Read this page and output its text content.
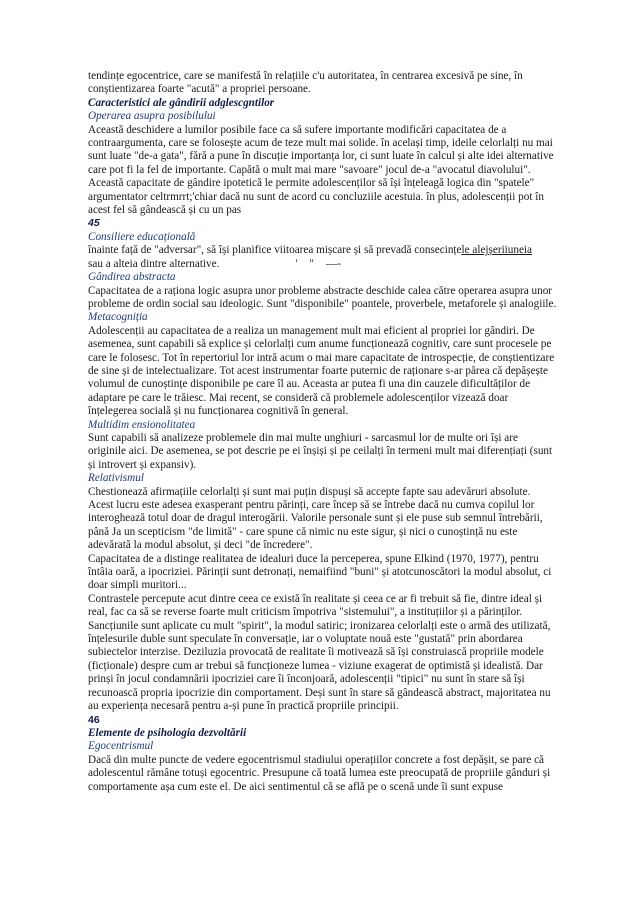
tendințe egocentrice, care se manifestă în relațiile c'u autoritatea, în centrarea excesivă pe sine, în conștientizarea foarte "acută" a propriei persoane.

Caracteristici ale gândirii adglescgntilor

Operarea asupra posibilului

Această deschidere a lumilor posibile face ca să sufere importante modificări capacitatea de a contraargumenta, care se folosește acum de teze mult mai solide. în același timp, ideile celorlalți nu mai sunt luate "de-a gata", fără a pune în discuție importanța lor, ci sunt luate în calcul și alte idei alternative care pot fi la fel de importante. Capătă o mult mai mare "savoare" jocul de-a "avocatul diavolului". Această capacitate de gândire ipotetică le permite adolescenților să își înțeleagă logica din "spatele" argumentator celtrmrrt;'chiar dacă nu sunt de acord cu concluziile acestuia. în plus, adolescenții pot în acest fel să gândească și cu un pas

45

Consiliere educațională

înainte față de "adversar", să își planifice viitoarea mișcare și să prevadă consecințele alejșeriiuneia
sau a alteia dintre alternative.	' " —-

Gândirea abstracta

Capacitatea de a raționa logic asupra unor probleme abstracte deschide calea către operarea asupra unor probleme de ordin social sau ideologic. Sunt "disponibile" poantele, proverbele, metaforele și analogiile.

Metacogniția

Adolescenții au capacitatea de a realiza un management mult mai eficient al propriei lor gândiri. De asemenea, sunt capabili să explice și celorlalți cum anume funcționează cognitiv, care sunt procesele pe care le folosesc. Tot în repertoriul lor intră acum o mai mare capacitate de introspecție, de conștientizare de sine și de intelectualizare. Tot acest instrumentar foarte puternic de raționare s-ar părea că depășește volumul de cunoștințe disponibile pe care îl au. Aceasta ar putea fi una din cauzele dificultăților de adaptare pe care le trăiesc. Mai recent, se consideră că problemele adolescenților vizează doar înțelegerea socială și nu funcționarea cognitivă în general.

Multidim ensionolitatea

Sunt capabili să analizeze problemele din mai multe unghiuri - sarcasmul lor de multe ori își are originile aici. De asemenea, se pot descrie pe ei înșiși și pe ceilalți în termeni mult mai diferențiați (sunt și introvert și expansiv).

Relativismul

Chestionează afirmațiile celorlalți și sunt mai puțin dispuși să accepte fapte sau adevăruri absolute. Acest lucru este adesea exasperant pentru părinți, care încep să se întrebe dacă nu cumva copilul lor interoghează totul doar de dragul interogării. Valorile personale sunt și ele puse sub semnul întrebării, până Ja un scepticism "de limită" - care spune că nimic nu este sigur, și nici o cunoștință nu este adevărată la modul absolut, și deci "de încredere".

Capacitatea de a distinge realitatea de idealuri duce la perceperea, spune Elkind (1970, 1977), pentru întâia oară, a ipocriziei. Părinții sunt detronați, nemaifiind "buni" și atotcunoscători la modul absolut, ci doar simpli muritori...

Contrastele percepute acut dintre ceea ce există în realitate și ceea ce ar fi trebuit să fie, dintre ideal și real, fac ca să se reverse foarte mult criticism împotriva "sistemului", a instituțiilor și a părinților. Sancțiunile sunt aplicate cu mult "spirit", la modul satiric; ironizarea celorlalți este o armă des utilizată, înțelesurile duble sunt speculate în conversație, iar o voluptate nouă este "gustată" prin abordarea subiectelor interzise. Deziluzia provocată de realitate îi motivează să își construiască propriile modele (ficționale) despre cum ar trebui să funcționeze lumea - viziune exagerat de optimistă și idealistă. Dar prinși în jocul condamnării ipocriziei care îi înconjoară, adolescenții "tipici" nu sunt în stare să își recunoască propria ipocrizie din comportament. Deși sunt în stare să gândească abstract, majoritatea nu au experiența necesară pentru a-și pune în practică propriile principii.

46

Elemente de psihologia dezvoltării

Egocentrismul

Dacă din multe puncte de vedere egocentrismul stadiului operațiilor concrete a fost depășit, se pare că adolescentul rămâne totuși egocentric. Presupune că toată lumea este preocupată de propriile gânduri și comportamente așa cum este el. De aici sentimentul că se află pe o scenă unde îi sunt expuse
